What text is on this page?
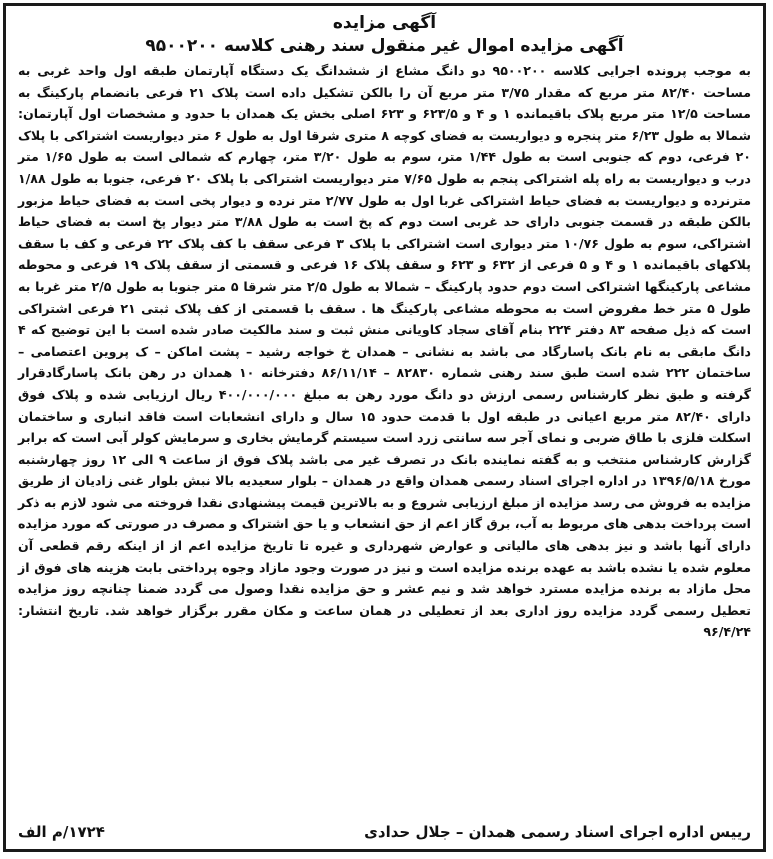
آگهی مزایده
آگهی مزایده اموال غیر منقول سند رهنی کلاسه ۹۵۰۰۲۰۰

به موجب پرونده اجرایی کلاسه ۹۵۰۰۲۰۰ دو دانگ مشاع از ششدانگ یک دستگاه آپارتمان طبقه اول واحد غربی به مساحت ۸۲/۴۰ متر مربع که مقدار ۳/۷۵ متر مربع آن را بالکن تشکیل داده است پلاک ۲۱ فرعی بانضمام پارکینگ به مساحت ۱۲/۵ متر مربع پلاک باقیمانده ۱ و ۴ و ۶۲۳/۵ و ۶۲۳ اصلی بخش یک همدان با حدود و مشخصات اول آپارتمان: شمالا به طول ۶/۲۳ متر پنجره و دیواریست به فضای کوچه ۸ متری شرقا اول به طول ۶ متر دیواریست اشتراکی با پلاک ۲۰ فرعی، دوم که جنوبی است به طول ۱/۴۴ متر، سوم به طول ۳/۲۰ متر، چهارم که شمالی است به طول ۱/۶۵ متر درب و دیواریست به راه پله اشتراکی پنجم به طول ۷/۶۵ متر دیواریست اشتراکی با پلاک ۲۰ فرعی، جنوبا به طول ۱/۸۸ مترنرده و دیواریست به فضای حیاط اشتراکی غربا اول به طول ۲/۷۷ متر نرده و دیوار پخی است به فضای حیاط مزبور بالکن طبقه در قسمت جنوبی دارای حد غربی است دوم که پخ است به طول ۳/۸۸ متر دیوار پخ است به فضای حیاط اشتراکی، سوم به طول ۱۰/۷۶ متر دیواری است اشتراکی با پلاک ۳ فرعی سقف با کف پلاک ۲۲ فرعی و کف با سقف پلاکهای باقیمانده ۱ و ۴ و ۵ فرعی از ۶۳۲ و ۶۲۳ و سقف پلاک ۱۶ فرعی و قسمتی از سقف پلاک ۱۹ فرعی و محوطه مشاعی پارکینگها اشتراکی است دوم حدود پارکینگ – شمالا به طول ۲/۵ متر شرقا ۵ متر جنوبا به طول ۲/۵ متر غربا به طول ۵ متر خط مفروض است به محوطه مشاعی پارکینگ ها . سقف با قسمتی از کف پلاک ثبتی ۲۱ فرعی اشتراکی است که ذیل صفحه ۸۳ دفتر ۲۲۴ بنام آقای سجاد کاویانی منش ثبت و سند مالکیت صادر شده است با این توضیح که ۴ دانگ مابقی به نام بانک پاسارگاد می باشد به نشانی – همدان خ خواجه رشید – پشت اماکن – ک پروین اعتصامی – ساختمان ۲۲۲ شده است طبق سند رهنی شماره ۸۲۸۳۰ – ۸۶/۱۱/۱۴ دفترخانه ۱۰ همدان در رهن بانک پاسارگادقرار گرفته و طبق نظر کارشناس رسمی ارزش دو دانگ مورد رهن به مبلغ ۴۰۰/۰۰۰/۰۰۰ ریال ارزیابی شده و پلاک فوق دارای ۸۲/۴۰ متر مربع اعیانی در طبقه اول با قدمت حدود ۱۵ سال و دارای انشعابات است فاقد انباری و ساختمان اسکلت فلزی با طاق ضربی و نمای آجر سه سانتی زرد است سیستم گرمایش بخاری و سرمایش کولر آبی است که برابر گزارش کارشناس منتخب و به گفته نماینده بانک در تصرف غیر می باشد پلاک فوق از ساعت ۹ الی ۱۲ روز چهارشنبه مورخ ۱۳۹۶/۵/۱۸ در اداره اجرای اسناد رسمی همدان واقع در همدان – بلوار سعیدیه بالا نبش بلوار غنی زادیان از طریق مزایده به فروش می رسد مزایده از مبلغ ارزیابی شروع و به بالاترین قیمت پیشنهادی نقدا فروخته می شود لازم به ذکر است پرداخت بدهی های مربوط به آب، برق گاز اعم از حق انشعاب و یا حق اشتراک و مصرف در صورتی که مورد مزایده دارای آنها باشد و نیز بدهی های مالیاتی و عوارض شهرداری و غیره تا تاریخ مزایده اعم از از اینکه رقم قطعی آن معلوم شده یا نشده باشد به عهده برنده مزایده است و نیز در صورت وجود مازاد وجوه پرداختی بابت هزینه های فوق از محل مازاد به برنده مزایده مسترد خواهد شد و نیم عشر و حق مزایده نقدا وصول می گردد ضمنا چنانچه روز مزایده تعطیل رسمی گردد مزایده روز اداری بعد از تعطیلی در همان ساعت و مکان مقرر برگزار خواهد شد. تاریخ انتشار: ۹۶/۴/۲۴

رییس اداره اجرای اسناد رسمی همدان – جلال حدادی
۱۷۲۴/م الف
